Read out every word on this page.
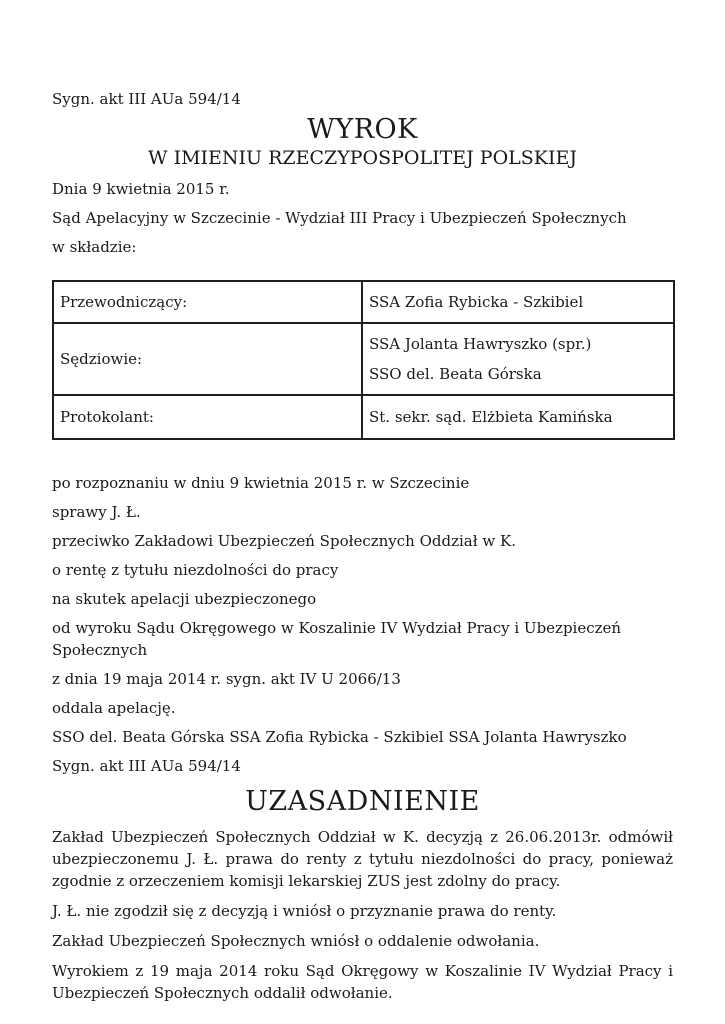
Sygn. akt III AUa 594/14

WYROK
W IMIENIU RZECZYPOSPOLITEJ POLSKIEJ

Dnia 9 kwietnia 2015 r.

Sąd Apelacyjny w Szczecinie - Wydział III Pracy i Ubezpieczeń Społecznych

w składzie:

Przewodniczący:	SSA Zofia Rybicka - Szkibiel

Sędziowie:	SSA Jolanta Hawryszko (spr.)
SSO del. Beata Górska

Protokolant:	St. sekr. sąd. Elżbieta Kamińska

po rozpoznaniu w dniu 9 kwietnia 2015 r. w Szczecinie

sprawy J. Ł.

przeciwko Zakładowi Ubezpieczeń Społecznych Oddział w K.

o rentę z tytułu niezdolności do pracy

na skutek apelacji ubezpieczonego

od wyroku Sądu Okręgowego w Koszalinie IV Wydział Pracy i Ubezpieczeń Społecznych

z dnia 19 maja 2014 r. sygn. akt IV U 2066/13

oddala apelację.

SSO del. Beata Górska SSA Zofia Rybicka - Szkibiel SSA Jolanta Hawryszko

Sygn. akt III AUa 594/14

UZASADNIENIE

Zakład Ubezpieczeń Społecznych Oddział w K. decyzją z 26.06.2013r. odmówił ubezpieczonemu J. Ł. prawa do renty z tytułu niezdolności do pracy, ponieważ zgodnie z orzeczeniem komisji lekarskiej ZUS jest zdolny do pracy.

J. Ł. nie zgodził się z decyzją i wniósł o przyznanie prawa do renty.

Zakład Ubezpieczeń Społecznych wniósł o oddalenie odwołania.

Wyrokiem z 19 maja 2014 roku Sąd Okręgowy w Koszalinie IV Wydział Pracy i Ubezpieczeń Społecznych oddalił odwołanie.
